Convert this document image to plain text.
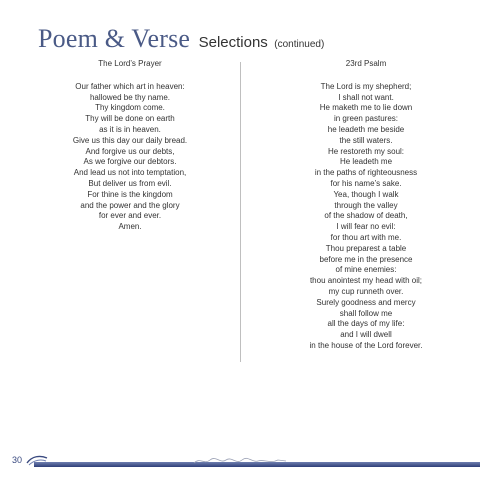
Poem & Verse Selections (continued)
The Lord’s Prayer
Our father which art in heaven:
hallowed be thy name.
Thy kingdom come.
Thy will be done on earth
as it is in heaven.
Give us this day our daily bread.
And forgive us our debts,
As we forgive our debtors.
And lead us not into temptation,
But deliver us from evil.
For thine is the kingdom
and the power and the glory
for ever and ever.
Amen.
23rd Psalm
The Lord is my shepherd;
I shall not want.
He maketh me to lie down
in green pastures:
he leadeth me beside
the still waters.
He restoreth my soul:
He leadeth me
in the paths of righteousness
for his name’s sake.
Yea, though I walk
through the valley
of the shadow of death,
I will fear no evil:
for thou art with me.
Thou preparest a table
before me in the presence
of mine enemies:
thou anointest my head with oil;
my cup runneth over.
Surely goodness and mercy
shall follow me
all the days of my life:
and I will dwell
in the house of the Lord forever.
30
